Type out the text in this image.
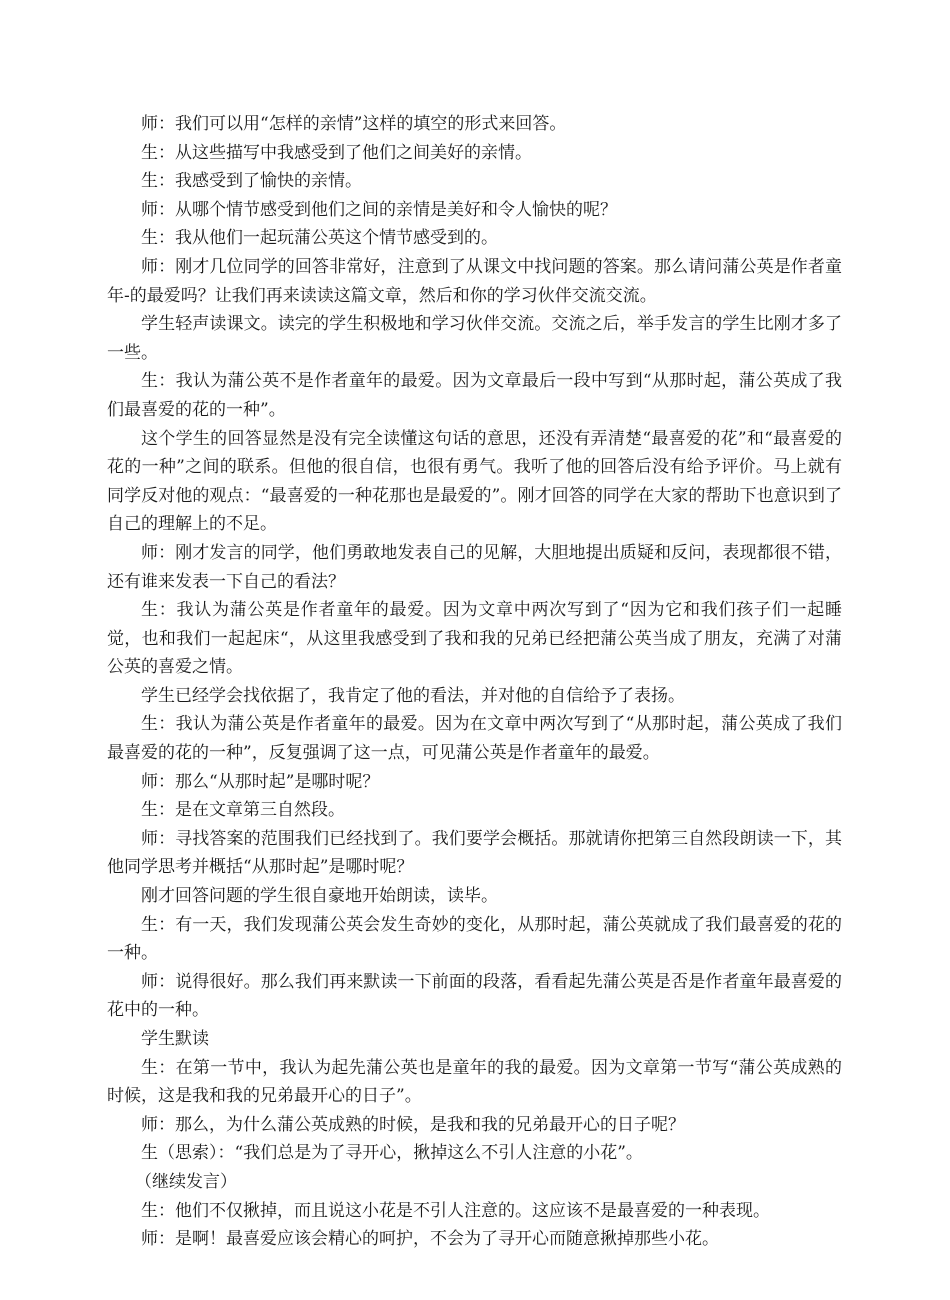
师：我们可以用“怎样的亲情”这样的填空的形式来回答。

生：从这些描写中我感受到了他们之间美好的亲情。

生：我感受到了愉快的亲情。

师：从哪个情节感受到他们之间的亲情是美好和令人愉快的呢？

生：我从他们一起玩蒲公英这个情节感受到的。

师：刚才几位同学的回答非常好，注意到了从课文中找问题的答案。那么请问蒲公英是作者童年-的最爱吗？让我们再来读读这篇文章，然后和你的学习伙伴交流交流。

学生轻声读课文。读完的学生积极地和学习伙伴交流。交流之后，举手发言的学生比刚才多了一些。

生：我认为蒲公英不是作者童年的最爱。因为文章最后一段中写到“从那时起，蒲公英成了我们最喜爱的花的一种”。

这个学生的回答显然是没有完全读懂这句话的意思，还没有弄清楚“最喜爱的花”和“最喜爱的花的一种”之间的联系。但他的很自信，也很有勇气。我听了他的回答后没有给予评价。马上就有同学反对他的观点：“最喜爱的一种花那也是最爱的”。刚才回答的同学在大家的帮助下也意识到了自己的理解上的不足。

师：刚才发言的同学，他们勇敢地发表自己的见解，大胆地提出质疑和反问，表现都很不错，还有谁来发表一下自己的看法？

生：我认为蒲公英是作者童年的最爱。因为文章中两次写到了“因为它和我们孩子们一起睡觉，也和我们一起起床“，从这里我感受到了我和我的兄弟已经把蒲公英当成了朋友，充满了对蒲公英的喜爱之情。

学生已经学会找依据了，我肯定了他的看法，并对他的自信给予了表扬。

生：我认为蒲公英是作者童年的最爱。因为在文章中两次写到了“从那时起，蒲公英成了我们最喜爱的花的一种”，反复强调了这一点，可见蒲公英是作者童年的最爱。

师：那么“从那时起”是哪时呢？

生：是在文章第三自然段。

师：寻找答案的范围我们已经找到了。我们要学会概括。那就请你把第三自然段朗读一下，其他同学思考并概括“从那时起”是哪时呢？

刚才回答问题的学生很自豪地开始朗读，读毕。

生：有一天，我们发现蒲公英会发生奇妙的变化，从那时起，蒲公英就成了我们最喜爱的花的一种。

师：说得很好。那么我们再来默读一下前面的段落，看看起先蒲公英是否是作者童年最喜爱的花中的一种。

学生默读

生：在第一节中，我认为起先蒲公英也是童年的我的最爱。因为文章第一节写“蒲公英成熟的时候，这是我和我的兄弟最开心的日子”。

师：那么，为什么蒲公英成熟的时候，是我和我的兄弟最开心的日子呢？

生（思索）：“我们总是为了寻开心，揪掉这么不引人注意的小花”。

（继续发言）

生：他们不仅揪掉，而且说这小花是不引人注意的。这应该不是最喜爱的一种表现。

师：是啊！最喜爱应该会精心的呵护，不会为了寻开心而随意揪掉那些小花。
